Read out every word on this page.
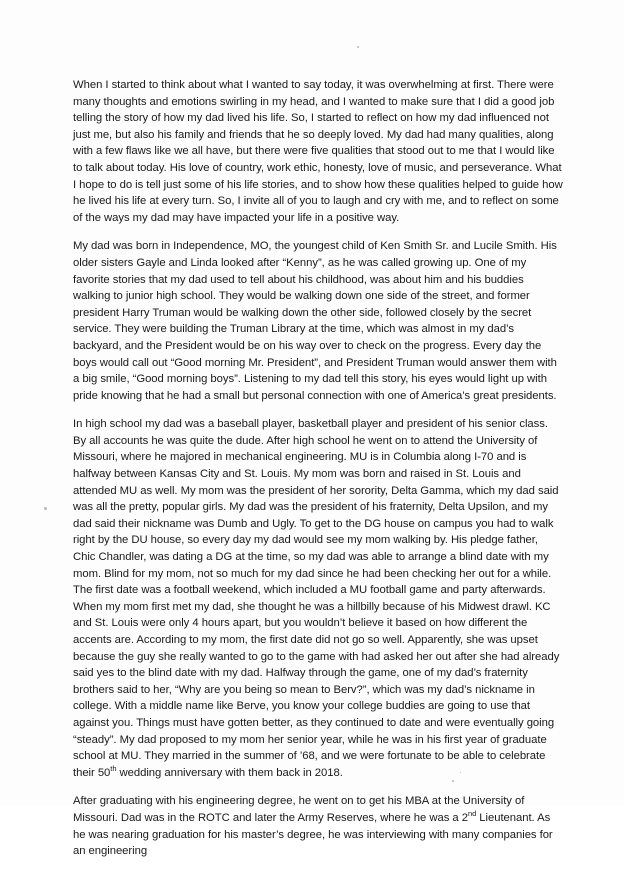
When I started to think about what I wanted to say today, it was overwhelming at first. There were many thoughts and emotions swirling in my head, and I wanted to make sure that I did a good job telling the story of how my dad lived his life. So, I started to reflect on how my dad influenced not just me, but also his family and friends that he so deeply loved. My dad had many qualities, along with a few flaws like we all have, but there were five qualities that stood out to me that I would like to talk about today. His love of country, work ethic, honesty, love of music, and perseverance. What I hope to do is tell just some of his life stories, and to show how these qualities helped to guide how he lived his life at every turn. So, I invite all of you to laugh and cry with me, and to reflect on some of the ways my dad may have impacted your life in a positive way.

My dad was born in Independence, MO, the youngest child of Ken Smith Sr. and Lucile Smith. His older sisters Gayle and Linda looked after “Kenny”, as he was called growing up. One of my favorite stories that my dad used to tell about his childhood, was about him and his buddies walking to junior high school. They would be walking down one side of the street, and former president Harry Truman would be walking down the other side, followed closely by the secret service. They were building the Truman Library at the time, which was almost in my dad’s backyard, and the President would be on his way over to check on the progress. Every day the boys would call out “Good morning Mr. President”, and President Truman would answer them with a big smile, “Good morning boys”. Listening to my dad tell this story, his eyes would light up with pride knowing that he had a small but personal connection with one of America’s great presidents.

In high school my dad was a baseball player, basketball player and president of his senior class. By all accounts he was quite the dude. After high school he went on to attend the University of Missouri, where he majored in mechanical engineering. MU is in Columbia along I-70 and is halfway between Kansas City and St. Louis. My mom was born and raised in St. Louis and attended MU as well. My mom was the president of her sorority, Delta Gamma, which my dad said was all the pretty, popular girls. My dad was the president of his fraternity, Delta Upsilon, and my dad said their nickname was Dumb and Ugly. To get to the DG house on campus you had to walk right by the DU house, so every day my dad would see my mom walking by. His pledge father, Chic Chandler, was dating a DG at the time, so my dad was able to arrange a blind date with my mom. Blind for my mom, not so much for my dad since he had been checking her out for a while. The first date was a football weekend, which included a MU football game and party afterwards. When my mom first met my dad, she thought he was a hillbilly because of his Midwest drawl. KC and St. Louis were only 4 hours apart, but you wouldn’t believe it based on how different the accents are. According to my mom, the first date did not go so well. Apparently, she was upset because the guy she really wanted to go to the game with had asked her out after she had already said yes to the blind date with my dad. Halfway through the game, one of my dad’s fraternity brothers said to her, “Why are you being so mean to Berv?”, which was my dad’s nickname in college. With a middle name like Berve, you know your college buddies are going to use that against you. Things must have gotten better, as they continued to date and were eventually going “steady”. My dad proposed to my mom her senior year, while he was in his first year of graduate school at MU. They married in the summer of ’68, and we were fortunate to be able to celebrate their 50th wedding anniversary with them back in 2018.

After graduating with his engineering degree, he went on to get his MBA at the University of Missouri. Dad was in the ROTC and later the Army Reserves, where he was a 2nd Lieutenant. As he was nearing graduation for his master’s degree, he was interviewing with many companies for an engineering
